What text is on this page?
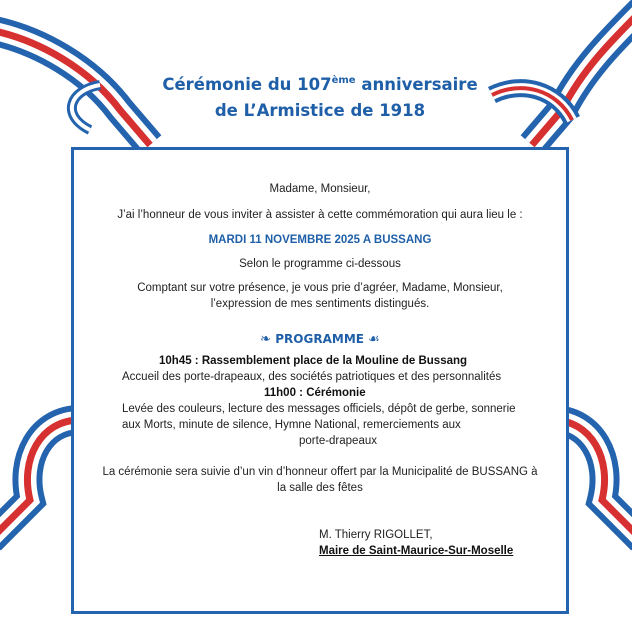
Cérémonie du 107ème anniversaire
de L’Armistice de 1918
Madame, Monsieur,
J’ai l’honneur de vous inviter à assister à cette commémoration qui aura lieu le :
MARDI 11 NOVEMBRE 2025 A BUSSANG
Selon le programme ci-dessous
Comptant sur votre présence, je vous prie d’agréer, Madame, Monsieur,
l’expression de mes sentiments distingués.
❧ PROGRAMME ☙
10h45 : Rassemblement place de la Mouline de Bussang
Accueil des porte-drapeaux, des sociétés patriotiques et des personnalités
11h00 : Cérémonie
Levée des couleurs, lecture des messages officiels, dépôt de gerbe, sonnerie
aux Morts, minute de silence, Hymne National, remerciements aux
porte-drapeaux
La cérémonie sera suivie d’un vin d’honneur offert par la Municipalité de BUSSANG à
la salle des fêtes
M. Thierry RIGOLLET,
Maire de Saint-Maurice-Sur-Moselle
